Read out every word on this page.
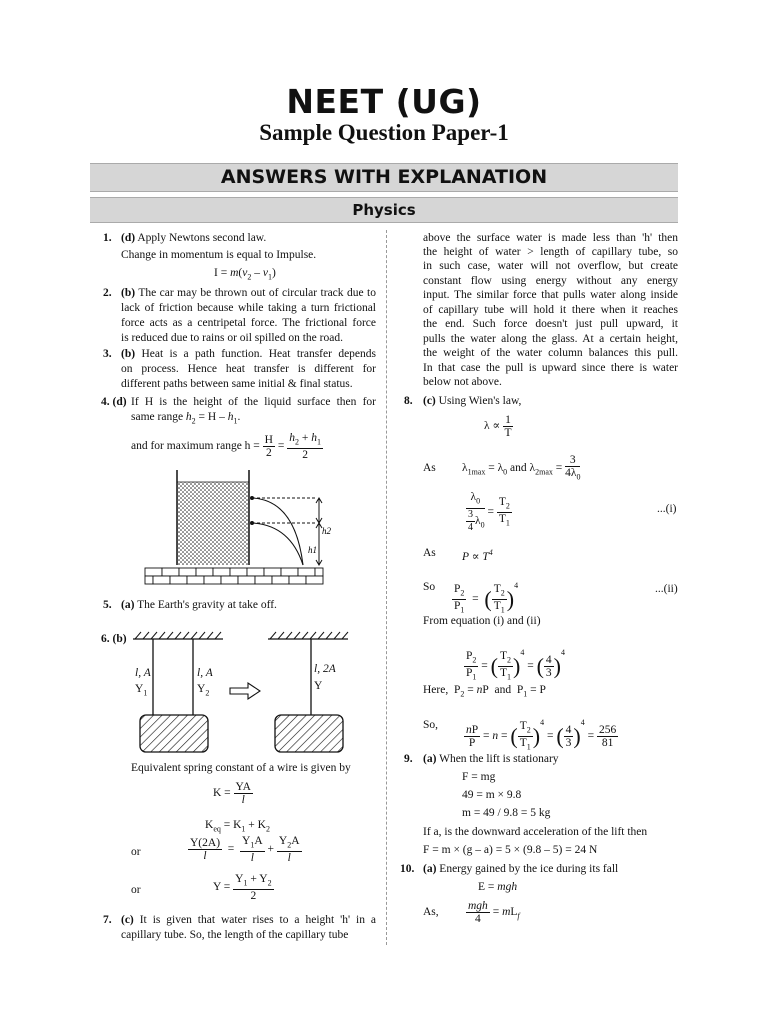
NEET (UG)
Sample Question Paper-1
ANSWERS WITH EXPLANATION
Physics
1. (d) Apply Newtons second law.
Change in momentum is equal to Impulse.
$I = m(v_2 - v_1)$
2. (b) The car may be thrown out of circular track due to
lack of friction because while taking a turn frictional
force acts as a centripetal force. The frictional force
is reduced due to rains or oil spilled on the road.
3. (b) Heat is a path function. Heat transfer depends
on process. Hence heat transfer is different for
different paths between same initial & final status.
4. (d) If H is the height of the liquid surface then for
same range $h_2 = H - h_1$.
and for maximum range $h = \frac{H}{2} = \frac{h_2 + h_1}{2}$
h2
h1
5. (a) The Earth's gravity at take off.
6. (b)
l, A
$Y_1$
l, A
$Y_2$
l, 2A
Y
Equivalent spring constant of a wire is given by
$K = \frac{YA}{l}$
$K_{eq} = K_1 + K_2$
or	$\frac{Y(2A)}{l} = \frac{Y_1A}{l} + \frac{Y_2A}{l}$
or	$Y = \frac{Y_1 + Y_2}{2}$
7. (c) It is given that water rises to a height 'h' in a
capillary tube. So, the length of the capillary tube
above the surface water is made less than 'h' then
the height of water > length of capillary tube, so
in such case, water will not overflow, but create
constant flow using energy without any energy
input. The similar force that pulls water along inside
of capillary tube will hold it there when it reaches
the end. Such force doesn't just pull upward, it
pulls the water along the glass. At a certain height,
the weight of the water column balances this pull.
In that case the pull is upward since there is water
below not above.
8. (c) Using Wien's law,
$\lambda \propto \frac{1}{T}$
As $\lambda_{1max} = \lambda_0$ and $\lambda_{2max} = \frac{3}{4\lambda_0}$
$\frac{\lambda_0}{\frac{3}{4} \lambda_0} = \frac{T_2}{T_1}$	...(i)
As $P \propto T^4$
So $\frac{P_2}{P_1}$ = ( $\frac{T_2}{T_1} )^4$	...(ii)
From equation (i) and (ii)
$\frac{P_2}{P_1}$ = ( $\frac{T_2}{T_1} )^4$ = ( $\frac{4}{3} )^4$
Here,  $P_2$ = nP  and  $P_1 = P$
So, $\frac{nP}{P} = n$ = ( $\frac{T_2}{T_1} )^4$ = ( $\frac{4}{3} )^4 = \frac{256}{81}$
9. (a) When the lift is stationary
F = mg
49 = m × 9.8
m = 49 / 9.8 = 5 kg
If a, is the downward acceleration of the lift then
F = m × (g – a) = 5 × (9.8 – 5) = 24 N
10. (a) Energy gained by the ice during its fall
E = mgh
As, $\frac{\text{mgh}}{4} = mL_f$
